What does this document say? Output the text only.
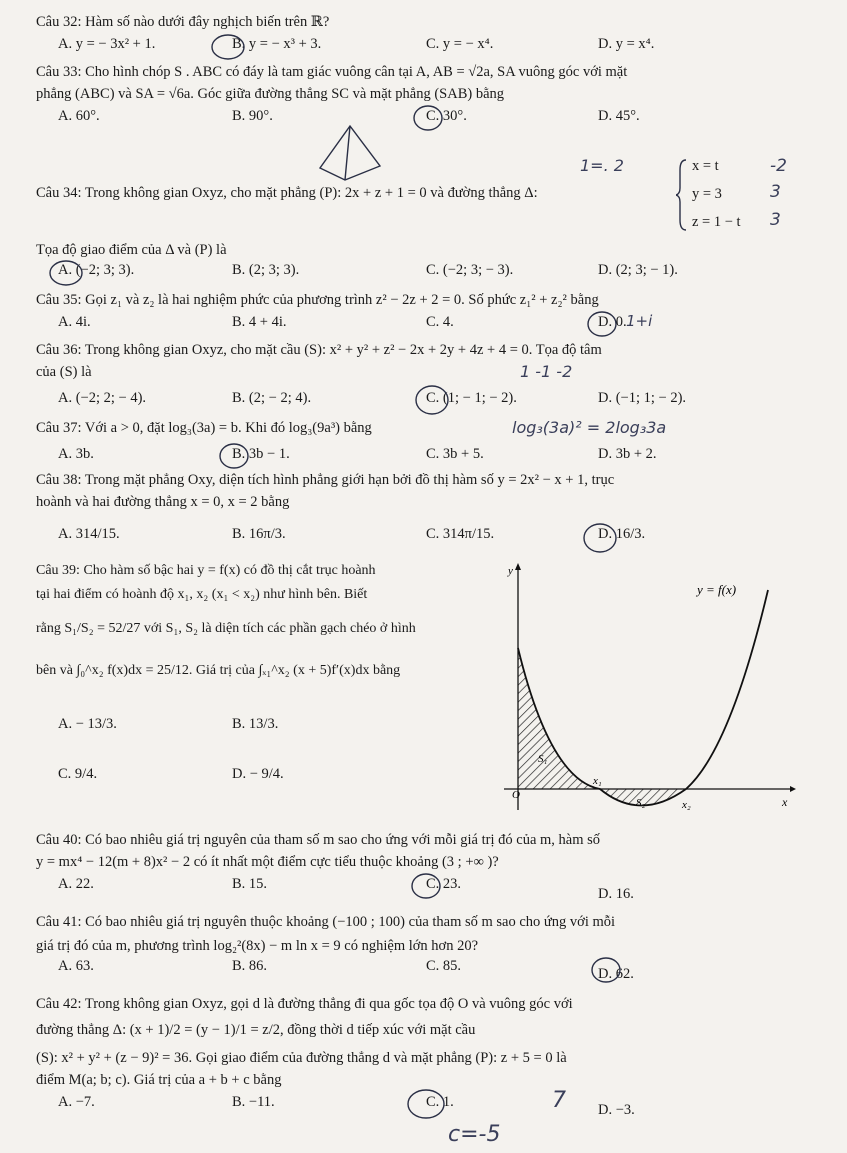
Câu 32: Hàm số nào dưới đây nghịch biến trên ℝ?
A. y = − 3x² + 1.	B. y = − x³ + 3.	C. y = − x⁴.	D. y = x⁴.
Câu 33: Cho hình chóp S . ABC có đáy là tam giác vuông cân tại A, AB = √2a, SA vuông góc với mặt
phẳng (ABC) và SA = √6a. Góc giữa đường thẳng SC và mặt phẳng (SAB) bằng
A. 60°.	B. 90°.	C. 30°.	D. 45°.
Câu 34: Trong không gian Oxyz, cho mặt phẳng (P): 2x + z + 1 = 0 và đường thẳng Δ:
x = t
y = 3
z = 1 − t
1=. 2	-2
3
3
Tọa độ giao điểm của Δ và (P) là
A. (−2; 3; 3).	B. (2; 3; 3).	C. (−2; 3; − 3).	D. (2; 3; − 1).
Câu 35: Gọi z₁ và z₂ là hai nghiệm phức của phương trình z² − 2z + 2 = 0. Số phức z₁² + z₂² bằng
A. 4i.	B. 4 + 4i.	C. 4.	D. 0. 1+i
Câu 36: Trong không gian Oxyz, cho mặt cầu (S): x² + y² + z² − 2x + 2y + 4z + 4 = 0. Tọa độ tâm
của (S) là	1 -1 -2
A. (−2; 2; − 4).	B. (2; − 2; 4).	C. (1; − 1; − 2).	D. (−1; 1; − 2).
Câu 37: Với a > 0, đặt log₃(3a) = b. Khi đó log₃(9a³) bằng	log₃(3a)² = 2log₃3a
A. 3b.	B. 3b − 1.	C. 3b + 5.	D. 3b + 2.
Câu 38: Trong mặt phẳng Oxy, diện tích hình phẳng giới hạn bởi đồ thị hàm số y = 2x² − x + 1, trục
hoành và hai đường thẳng x = 0, x = 2 bằng
A. 314/15.	B. 16π/3.	C. 314π/15.	D. 16/3.
Câu 39: Cho hàm số bậc hai y = f(x) có đồ thị cắt trục hoành
tại hai điểm có hoành độ x₁, x₂ (x₁ < x₂) như hình bên. Biết
rằng S₁/S₂ = 52/27 với S₁, S₂ là diện tích các phần gạch chéo ở hình
bên và ∫₀^x₂ f(x)dx = 25/12. Giá trị của ∫ₓ₁^x₂ (x + 5)f′(x)dx bằng
A. − 13/3.	B. 13/3.
C. 9/4.	D. − 9/4.
y
x
y = f(x)
S₁
S₂
O
x₁
x₂
Câu 40: Có bao nhiêu giá trị nguyên của tham số m sao cho ứng với mỗi giá trị đó của m, hàm số
y = mx⁴ − 12(m + 8)x² − 2 có ít nhất một điểm cực tiểu thuộc khoảng (3 ; +∞ )?
A. 22.	B. 15.	C. 23.
D. 16.
Câu 41: Có bao nhiêu giá trị nguyên thuộc khoảng (−100 ; 100) của tham số m sao cho ứng với mỗi
giá trị đó của m, phương trình log₂²(8x) − m ln x = 9 có nghiệm lớn hơn 20?
A. 63.	B. 86.	C. 85.	D. 62.
Câu 42: Trong không gian Oxyz, gọi d là đường thẳng đi qua gốc tọa độ O và vuông góc với
đường thẳng Δ: (x + 1)/2 = (y − 1)/1 = z/2, đồng thời d tiếp xúc với mặt cầu
(S): x² + y² + (z − 9)² = 36. Gọi giao điểm của đường thẳng d và mặt phẳng (P): z + 5 = 0 là
điểm M(a; b; c). Giá trị của a + b + c bằng
A. −7.	B. −11.	C. 1.	D. −3.
7
c=-5
